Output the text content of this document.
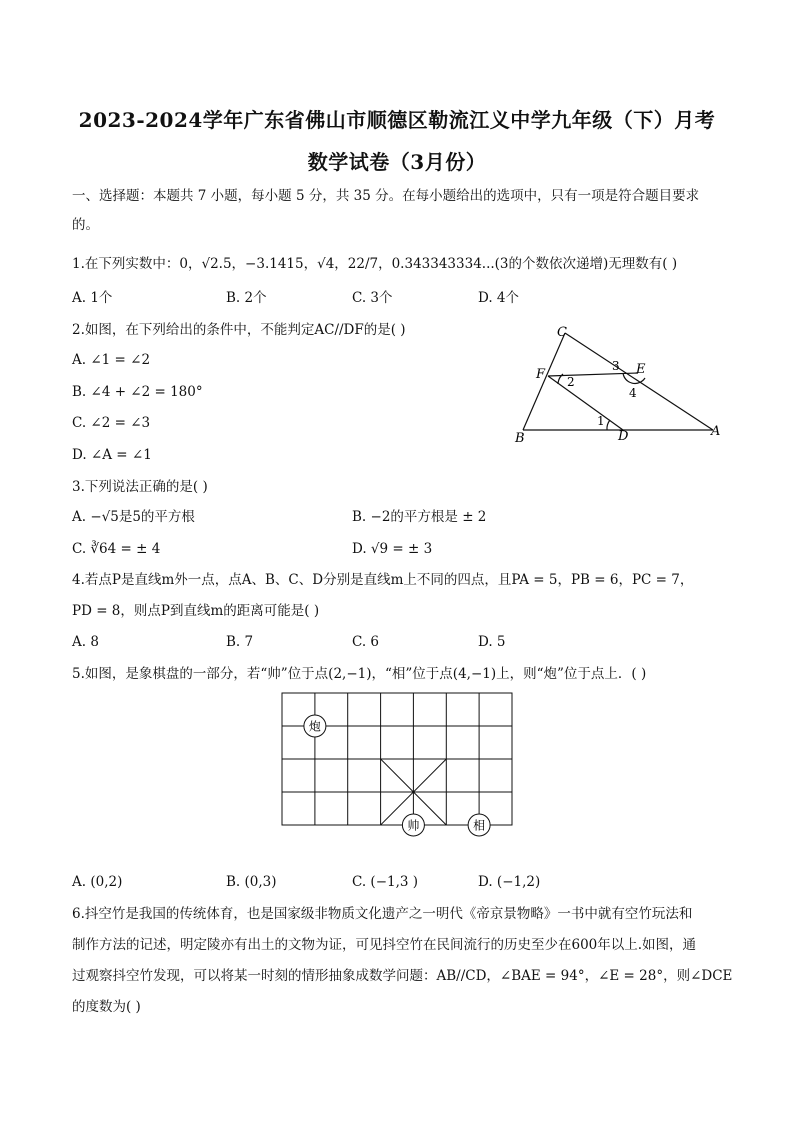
2023-2024学年广东省佛山市顺德区勒流江义中学九年级（下）月考
数学试卷（3月份）
一、选择题：本题共 7 小题，每小题 5 分，共 35 分。在每小题给出的选项中，只有一项是符合题目要求
的。
1.在下列实数中：0，√2.5，−3.1415，√4，22/7，0.343343334...(3的个数依次递增)无理数有( )
A. 1个	B. 2个	C. 3个	D. 4个
2.如图，在下列给出的条件中，不能判定AC//DF的是( )
A. ∠1 = ∠2
B. ∠4 + ∠2 = 180°
C. ∠2 = ∠3
D. ∠A = ∠1
C
E
F 2
3
4
1
B	D	A
3.下列说法正确的是( )
A. −√5是5的平方根	B. −2的平方根是 ± 2
C. ∛64 = ± 4	D. √9 = ± 3
4.若点P是直线m外一点，点A、B、C、D分别是直线m上不同的四点，且PA = 5，PB = 6，PC = 7，
PD = 8，则点P到直线m的距离可能是( )
A. 8	B. 7	C. 6	D. 5
5.如图，是象棋盘的一部分，若“帅”位于点(2,−1)，“相”位于点(4,−1)上，则“炮”位于点上．( )
炮
帅	相
A. (0,2)	B. (0,3)	C. (−1,3 )	D. (−1,2)
6.抖空竹是我国的传统体育，也是国家级非物质文化遗产之一明代《帝京景物略》一书中就有空竹玩法和
制作方法的记述，明定陵亦有出土的文物为证，可见抖空竹在民间流行的历史至少在600年以上.如图，通
过观察抖空竹发现，可以将某一时刻的情形抽象成数学问题：AB//CD，∠BAE = 94°，∠E = 28°，则∠DCE
的度数为( )
